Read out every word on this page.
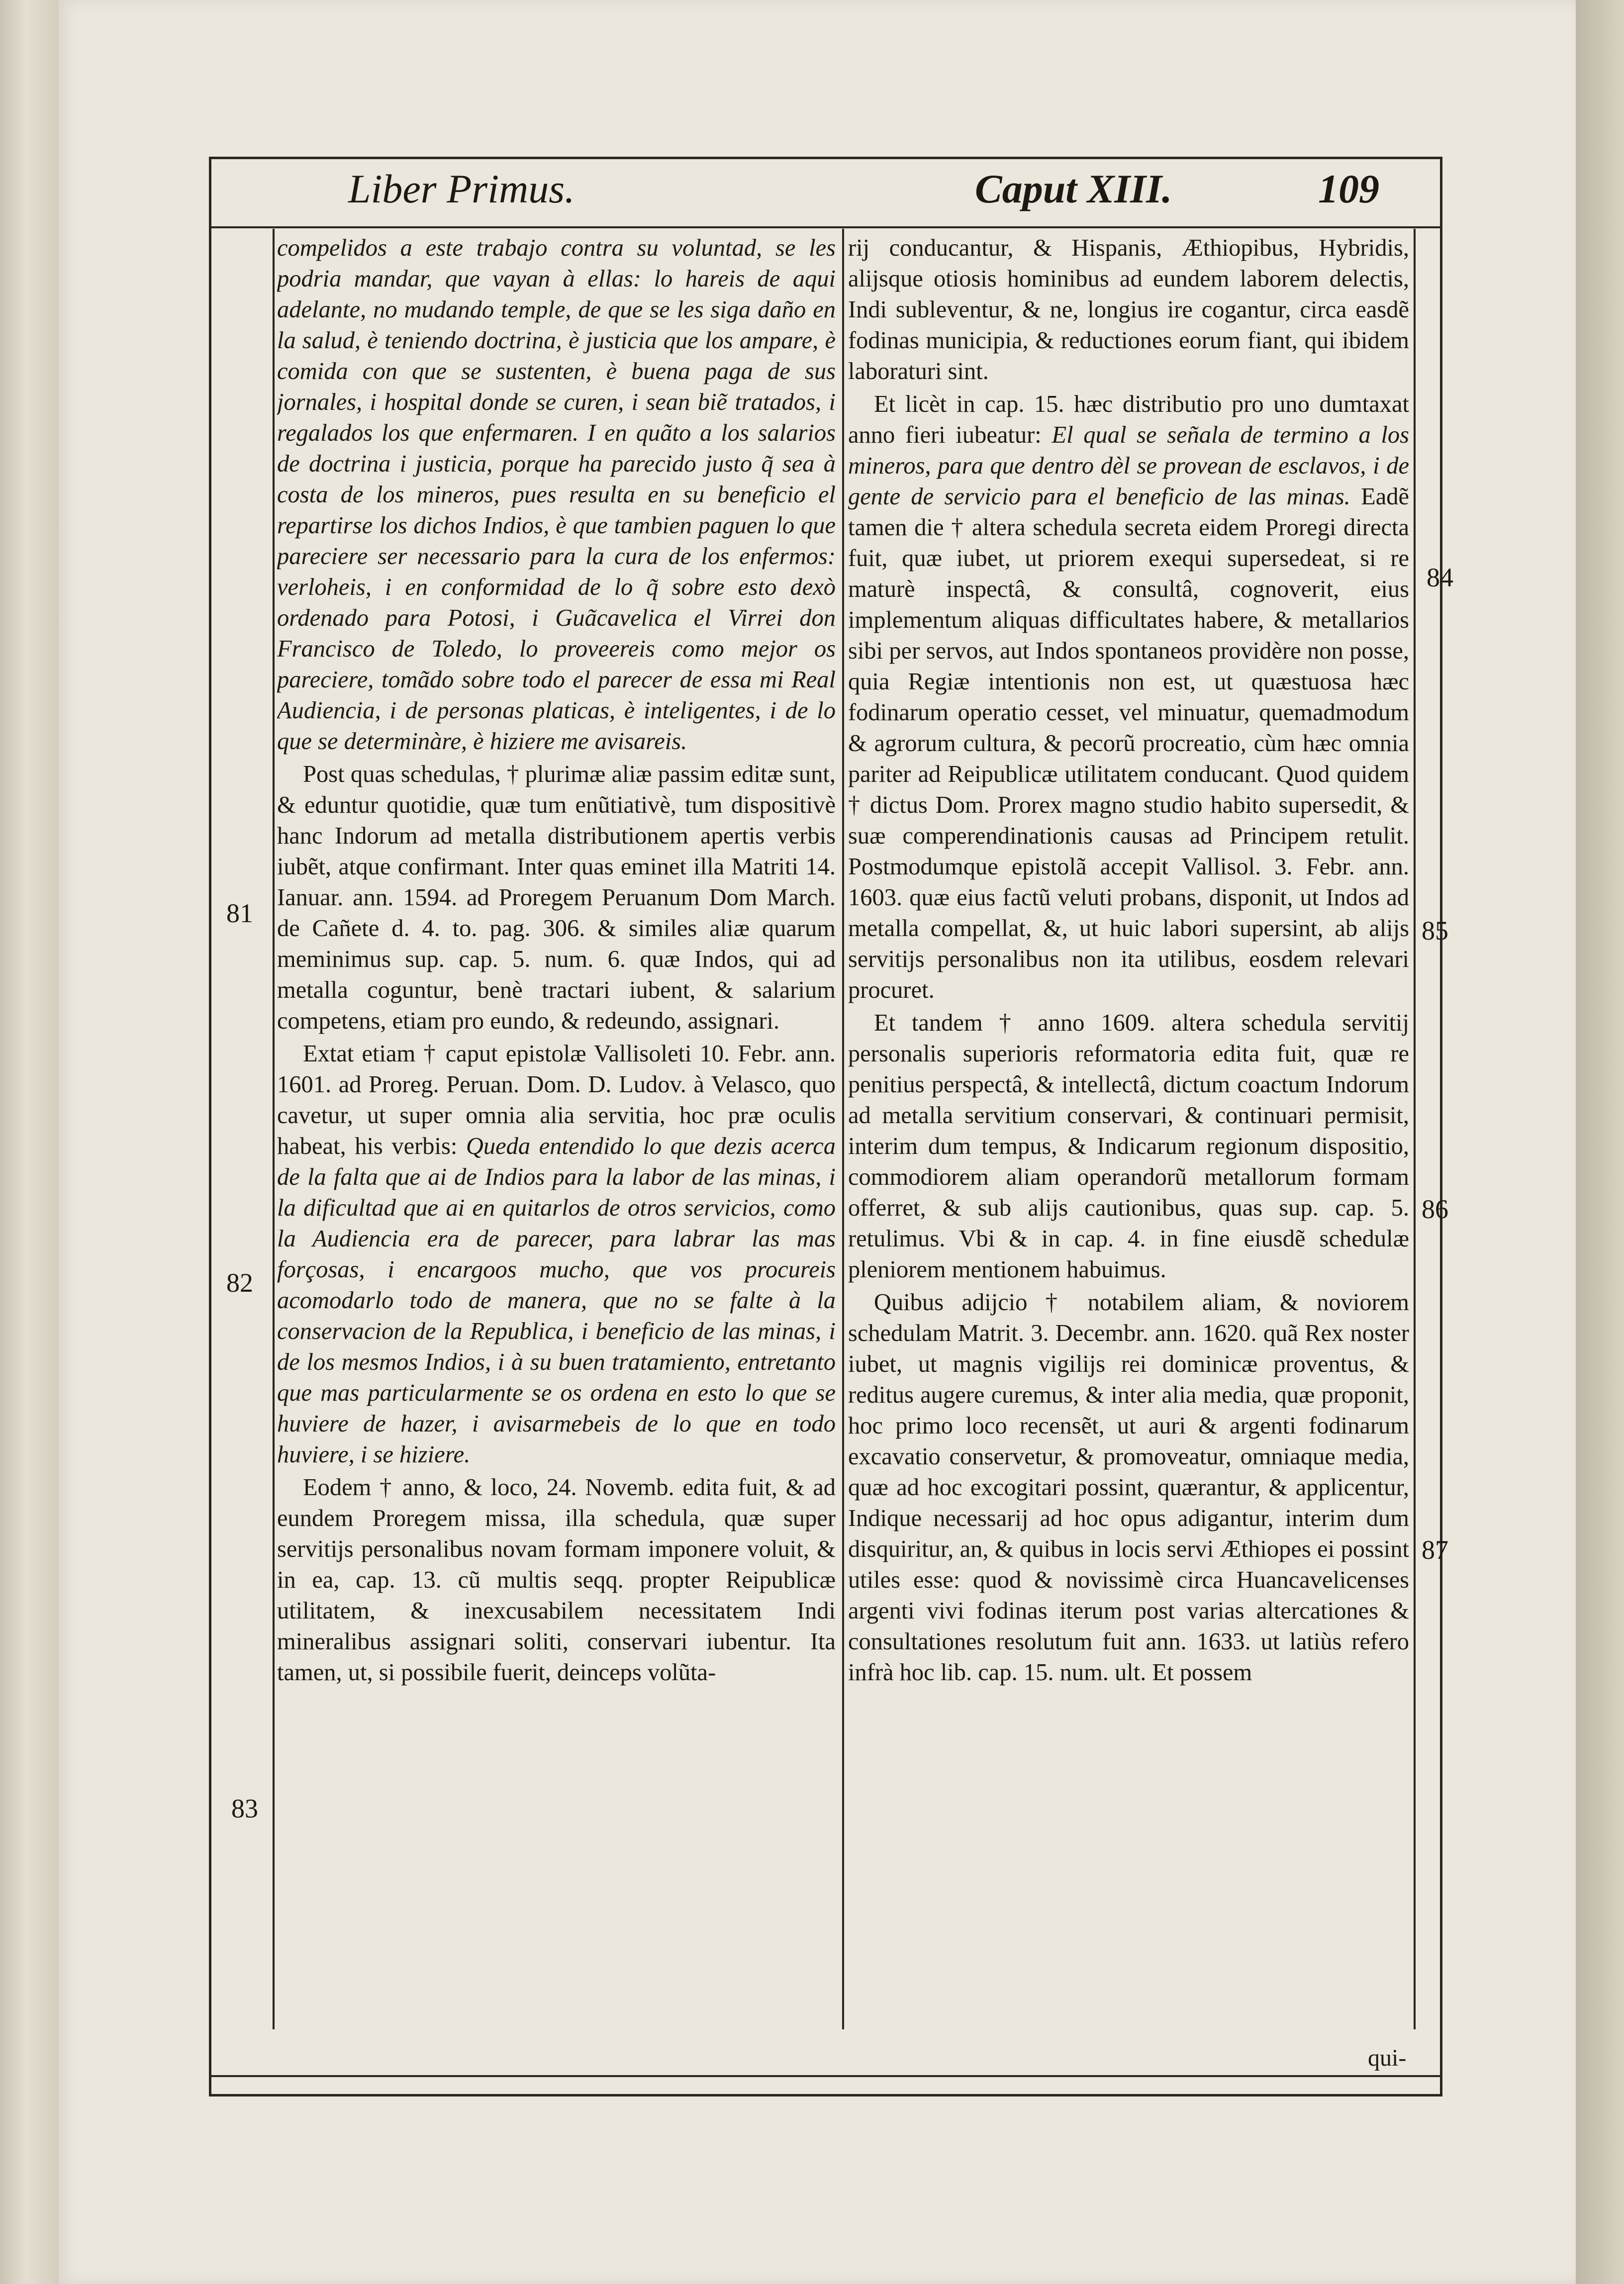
Liber Primus.	Caput XIII.	109

compelidos a este trabajo contra su voluntad, se les podria mandar, que vayan à ellas: lo hareis de aqui adelante, no mudando temple, de que se les siga daño en la salud, è teniendo doctrina, è justicia que los ampare, è comida con que se sustenten, è buena paga de sus jornales, i hospital donde se curen, i sean biẽ tratados, i regalados los que enfermaren. I en quãto a los salarios de doctrina i justicia, porque ha parecido justo q̃ sea à costa de los mineros, pues resulta en su beneficio el repartirse los dichos Indios, è que tambien paguen lo que pareciere ser necessario para la cura de los enfermos: verloheis, i en conformidad de lo q̃ sobre esto dexò ordenado para Potosi, i Guãcavelica el Virrei don Francisco de Toledo, lo proveereis como mejor os pareciere, tomãdo sobre todo el parecer de essa mi Real Audiencia, i de personas platicas, è inteligentes, i de lo que se determinàre, è hiziere me avisareis.

Post quas schedulas, † plurimæ aliæ passim editæ sunt, & eduntur quotidie, quæ tum enũtiativè, tum dispositivè hanc Indorum ad metalla distributionem apertis verbis iubẽt, atque confirmant. Inter quas eminet illa Matriti 14. Ianuar. ann. 1594. ad Proregem Peruanum Dom March. de Cañete d. 4. to. pag. 306. & similes aliæ quarum meminimus sup. cap. 5. num. 6. quæ Indos, qui ad metalla coguntur, benè tractari iubent, & salarium competens, etiam pro eundo, & redeundo, assignari.

Extat etiam † caput epistolæ Vallisoleti 10. Febr. ann. 1601. ad Proreg. Peruan. Dom. D. Ludov. à Velasco, quo cavetur, ut super omnia alia servitia, hoc præ oculis habeat, his verbis: Queda entendido lo que dezis acerca de la falta que ai de Indios para la labor de las minas, i la dificultad que ai en quitarlos de otros servicios, como la Audiencia era de parecer, para labrar las mas forçosas, i encargoos mucho, que vos procureis acomodarlo todo de manera, que no se falte à la conservacion de la Republica, i beneficio de las minas, i de los mesmos Indios, i à su buen tratamiento, entretanto que mas particularmente se os ordena en esto lo que se huviere de hazer, i avisarmebeis de lo que en todo huviere, i se hiziere.

Eodem † anno, & loco, 24. Novemb. edita fuit, & ad eundem Proregem missa, illa schedula, quæ super servitijs personalibus novam formam imponere voluit, & in ea, cap. 13. cũ multis seqq. propter Reipublicæ utilitatem, & inexcusabilem necessitatem Indi mineralibus assignari soliti, conservari iubentur. Ita tamen, ut, si possibile fuerit, deinceps volũta-

rij conducantur, & Hispanis, Æthiopibus, Hybridis, alijsque otiosis hominibus ad eundem laborem delectis, Indi subleventur, & ne, longius ire cogantur, circa easdẽ fodinas municipia, & reductiones eorum fiant, qui ibidem laboraturi sint.

Et licèt in cap. 15. hæc distributio pro uno dumtaxat anno fieri iubeatur: El qual se señala de termino a los mineros, para que dentro dèl se provean de esclavos, i de gente de servicio para el beneficio de las minas. Eadẽ tamen die † altera schedula secreta eidem Proregi directa fuit, quæ iubet, ut priorem exequi supersedeat, si re maturè inspectâ, & consultâ, cognoverit, eius implementum aliquas difficultates habere, & metallarios sibi per servos, aut Indos spontaneos providère non posse, quia Regiæ intentionis non est, ut quæstuosa hæc fodinarum operatio cesset, vel minuatur, quemadmodum & agrorum cultura, & pecorũ procreatio, cùm hæc omnia pariter ad Reipublicæ utilitatem conducant. Quod quidem † dictus Dom. Prorex magno studio habito supersedit, & suæ comperendinationis causas ad Principem retulit. Postmodumque epistolã accepit Vallisol. 3. Febr. ann. 1603. quæ eius factũ veluti probans, disponit, ut Indos ad metalla compellat, &, ut huic labori supersint, ab alijs servitijs personalibus non ita utilibus, eosdem relevari procuret.

Et tandem † anno 1609. altera schedula servitij personalis superioris reformatoria edita fuit, quæ re penitius perspectâ, & intellectâ, dictum coactum Indorum ad metalla servitium conservari, & continuari permisit, interim dum tempus, & Indicarum regionum dispositio, commodiorem aliam operandorũ metallorum formam offerret, & sub alijs cautionibus, quas sup. cap. 5. retulimus. Vbi & in cap. 4. in fine eiusdẽ schedulæ pleniorem mentionem habuimus.

Quibus adijcio † notabilem aliam, & noviorem schedulam Matrit. 3. Decembr. ann. 1620. quã Rex noster iubet, ut magnis vigilijs rei dominicæ proventus, & reditus augere curemus, & inter alia media, quæ proponit, hoc primo loco recensẽt, ut auri & argenti fodinarum excavatio conservetur, & promoveatur, omniaque media, quæ ad hoc excogitari possint, quærantur, & applicentur, Indique necessarij ad hoc opus adigantur, interim dum disquiritur, an, & quibus in locis servi Æthiopes ei possint utiles esse: quod & novissimè circa Huancavelicenses argenti vivi fodinas iterum post varias altercationes & consultationes resolutum fuit ann. 1633. ut latiùs refero infrà hoc lib. cap. 15. num. ult. Et possem

81
82
83
84
85
86
87
qui-
